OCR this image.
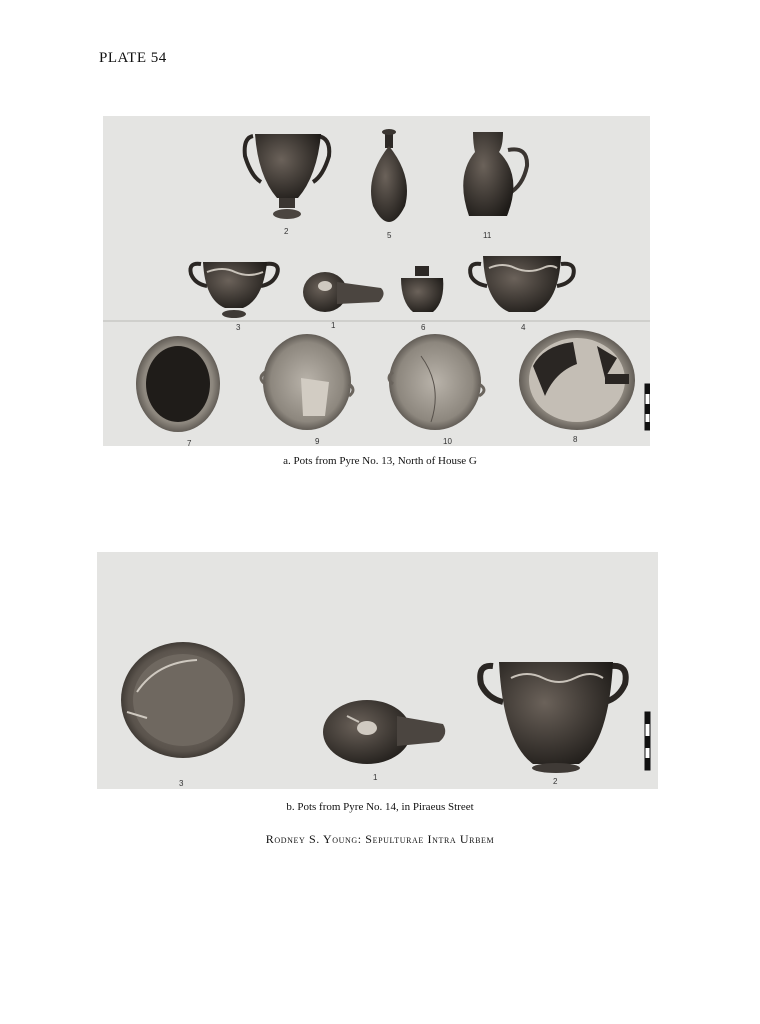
PLATE 54
2	5	11
3	1	6	4
7	9	10	8
a. Pots from Pyre No. 13, North of House G
3
1	2
b. Pots from Pyre No. 14, in Piraeus Street
Rodney S. Young: Sepulturae Intra Urbem
